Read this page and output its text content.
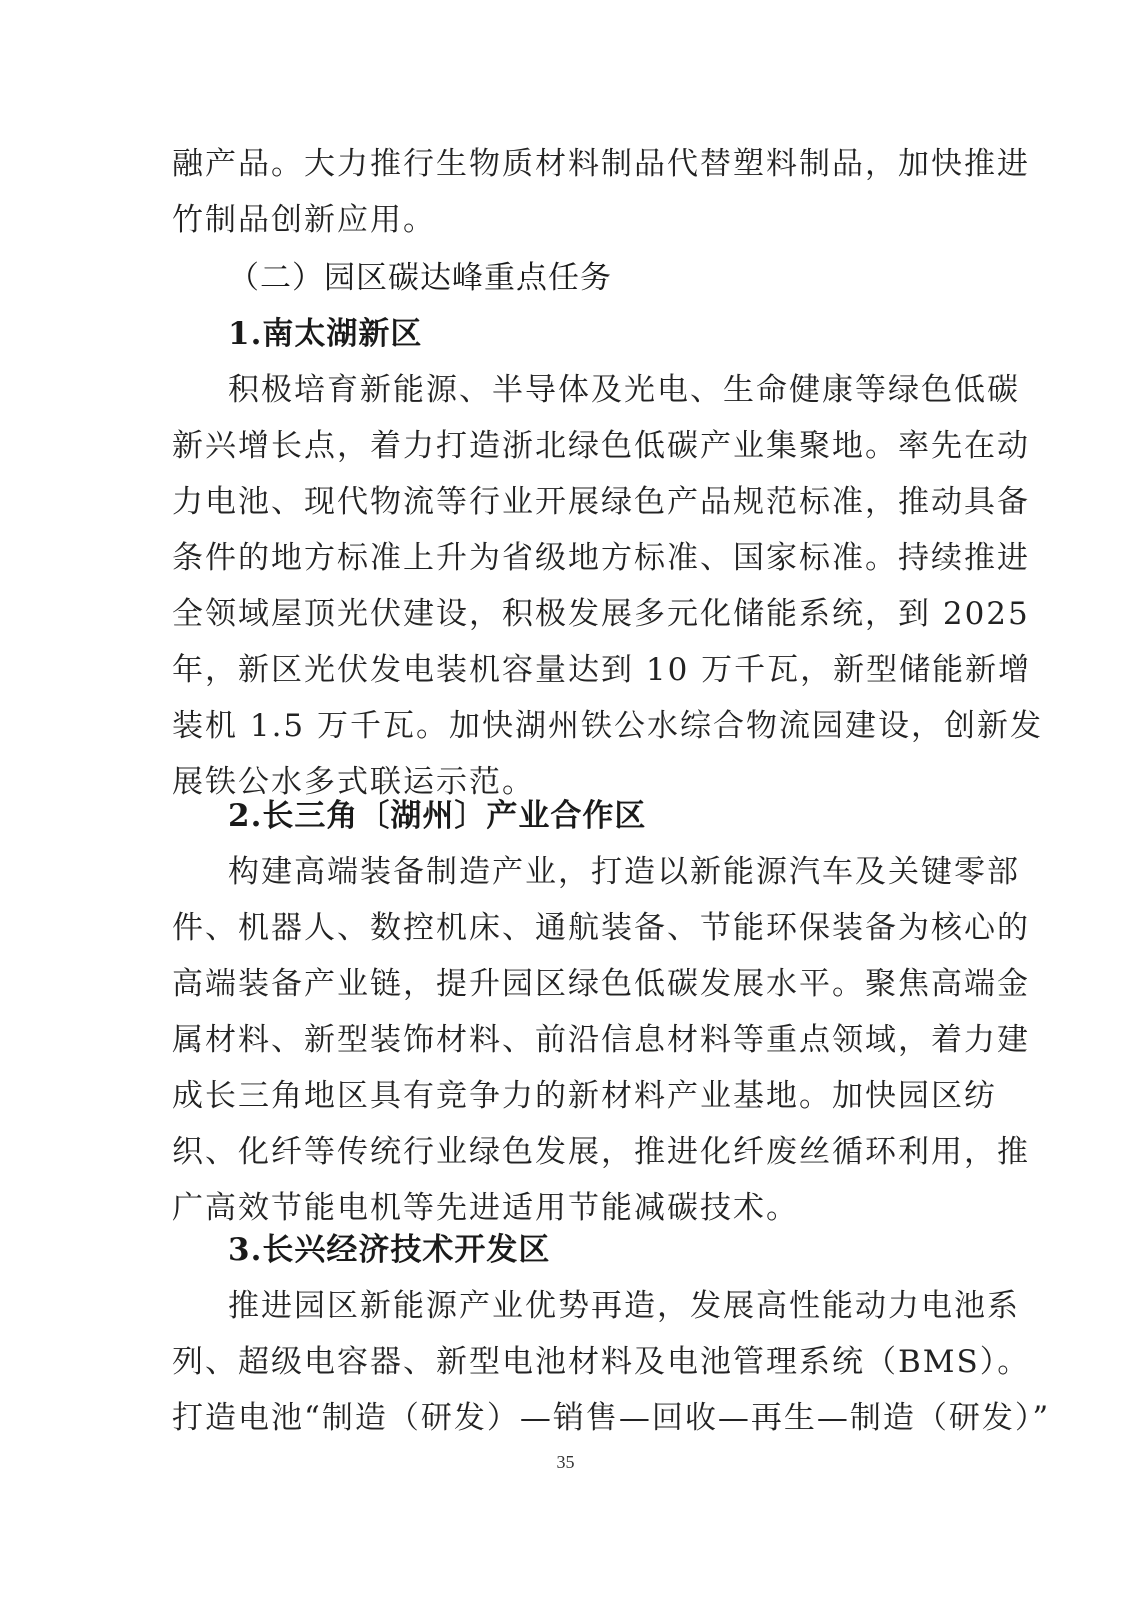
融产品。大力推行生物质材料制品代替塑料制品，加快推进
竹制品创新应用。
（二）园区碳达峰重点任务
1.南太湖新区
积极培育新能源、半导体及光电、生命健康等绿色低碳
新兴增长点，着力打造浙北绿色低碳产业集聚地。率先在动
力电池、现代物流等行业开展绿色产品规范标准，推动具备
条件的地方标准上升为省级地方标准、国家标准。持续推进
全领域屋顶光伏建设，积极发展多元化储能系统，到 2025
年，新区光伏发电装机容量达到 10 万千瓦，新型储能新增
装机 1.5 万千瓦。加快湖州铁公水综合物流园建设，创新发
展铁公水多式联运示范。
2.长三角〔湖州〕产业合作区
构建高端装备制造产业，打造以新能源汽车及关键零部
件、机器人、数控机床、通航装备、节能环保装备为核心的
高端装备产业链，提升园区绿色低碳发展水平。聚焦高端金
属材料、新型装饰材料、前沿信息材料等重点领域，着力建
成长三角地区具有竞争力的新材料产业基地。加快园区纺
织、化纤等传统行业绿色发展，推进化纤废丝循环利用，推
广高效节能电机等先进适用节能减碳技术。
3.长兴经济技术开发区
推进园区新能源产业优势再造，发展高性能动力电池系
列、超级电容器、新型电池材料及电池管理系统（BMS）。
打造电池“制造（研发）—销售—回收—再生—制造（研发）”
35
